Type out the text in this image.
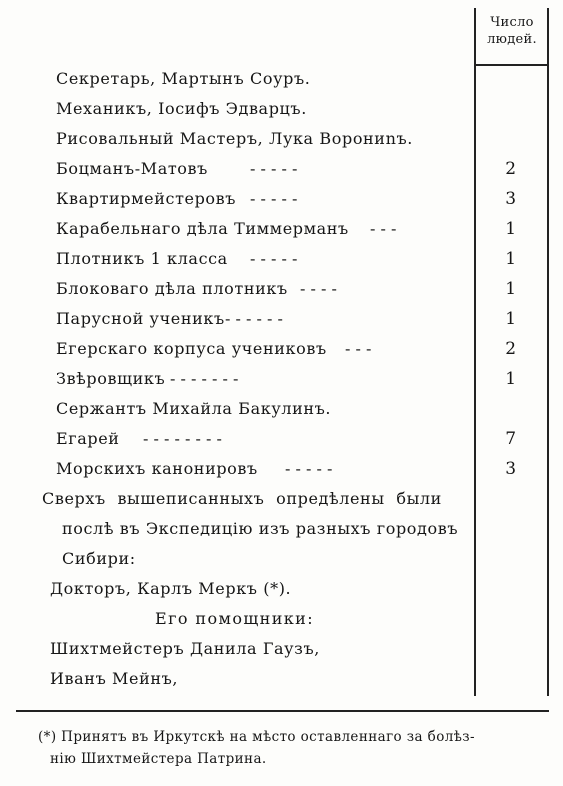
Число
людей.
Секретарь, Мартынъ Соуръ.
Механикъ, Iосифъ Эдварцъ.
Рисовальный Мастеръ, Лука Ворониnъ.
Боцманъ-Матовъ	- - - - -	2
Квартирмейстеровъ - - - - -	3
Карабельнаго дѣла Тиммерманъ - - -	1
Плотникъ 1 класса - - - - -	1
Блоковаго дѣла плотникъ - - - -	1
Парусной ученикъ - - - - - -	1
Егерскаго корпуса учениковъ - - -	2
Звѣровщикъ - - - - - - -	1
Сержантъ Михайла Бакулинъ.
Егарей - - - - - - - -	7
Морскихъ канонировъ - - - - -	3
Сверхъ вышеписанныхъ опредѣлены были
послѣ въ Экспедицiю изъ разныхъ городовъ
Сибири:
Докторъ, Карлъ Меркъ (*).
Его помощники:
Шихтмейстеръ Данила Гаузъ,
Иванъ Мейнъ,
(*) Принятъ въ Иркутскѣ на мѣсто оставленнаго за болѣз-
нiю Шихтмейстера Патрина.
